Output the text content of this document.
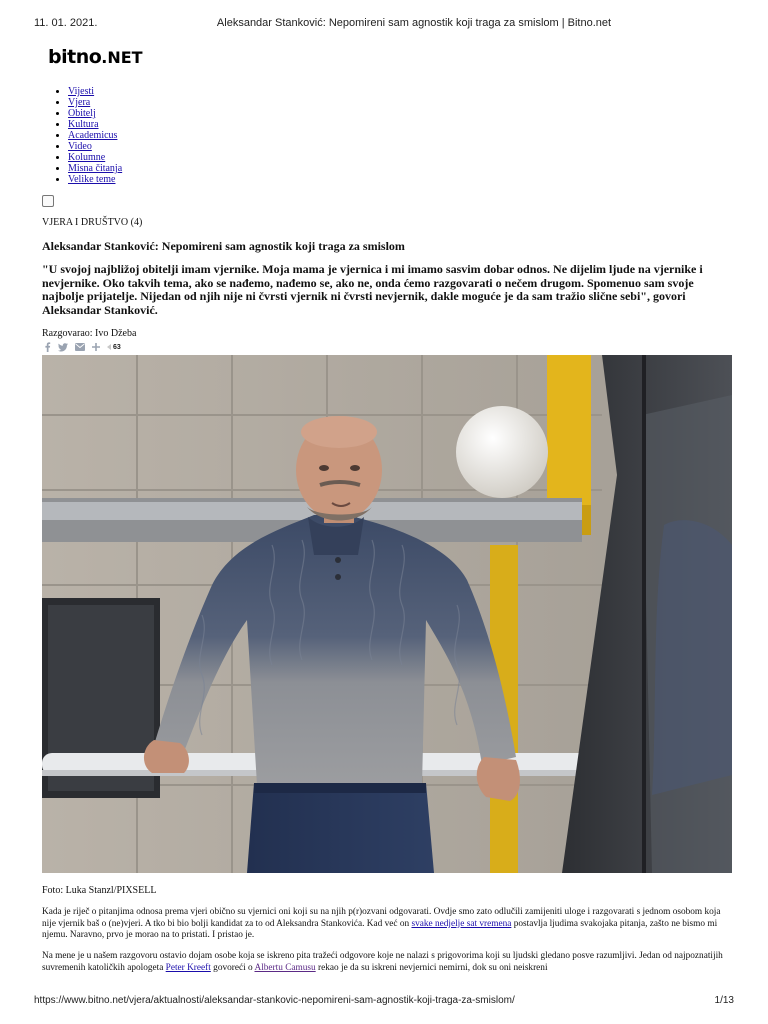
11. 01. 2021.	Aleksandar Stanković: Nepomireni sam agnostik koji traga za smislom | Bitno.net
bitno.NET
• Vijesti
• Vjera
• Obitelj
• Kultura
• Academicus
• Video
• Kolumne
• Misna čitanja
• Velike teme
VJERA I DRUŠTVO (4)
Aleksandar Stanković: Nepomireni sam agnostik koji traga za smislom

"U svojoj najbližoj obitelji imam vjernike. Moja mama je vjernica i mi imamo sasvim dobar odnos. Ne dijelim ljude na vjernike i nevjernike. Oko takvih tema, ako se nađemo, nađemo se, ako ne, onda ćemo razgovarati o nečem drugom. Spomenuo sam svoje najbolje prijatelje. Nijedan od njih nije ni čvrsti vjernik ni čvrsti nevjernik, dakle moguće je da sam tražio slične sebi", govori Aleksandar Stanković.

Razgovarao: Ivo Džeba
63
Foto: Luka Stanzl/PIXSELL

Kada je riječ o pitanjima odnosa prema vjeri obično su vjernici oni koji su na njih p(r)ozvani odgovarati. Ovdje smo zato odlučili zamijeniti uloge i razgovarati s jednom osobom koja nije vjernik baš o (ne)vjeri. A tko bi bio bolji kandidat za to od Aleksandra Stankovića. Kad već on svake nedjelje sat vremena postavlja ljudima svakojaka pitanja, zašto ne bismo mi njemu. Naravno, prvo je morao na to pristati. I pristao je.

Na mene je u našem razgovoru ostavio dojam osobe koja se iskreno pita tražeći odgovore koje ne nalazi s prigovorima koji su ljudski gledano posve razumljivi. Jedan od najpoznatijih suvremenih katoličkih apologeta Peter Kreeft govoreći o Albertu Camusu rekao je da su iskreni nevjernici nemirni, dok su oni neiskreni

https://www.bitno.net/vjera/aktualnosti/aleksandar-stankovic-nepomireni-sam-agnostik-koji-traga-za-smislom/	1/13
